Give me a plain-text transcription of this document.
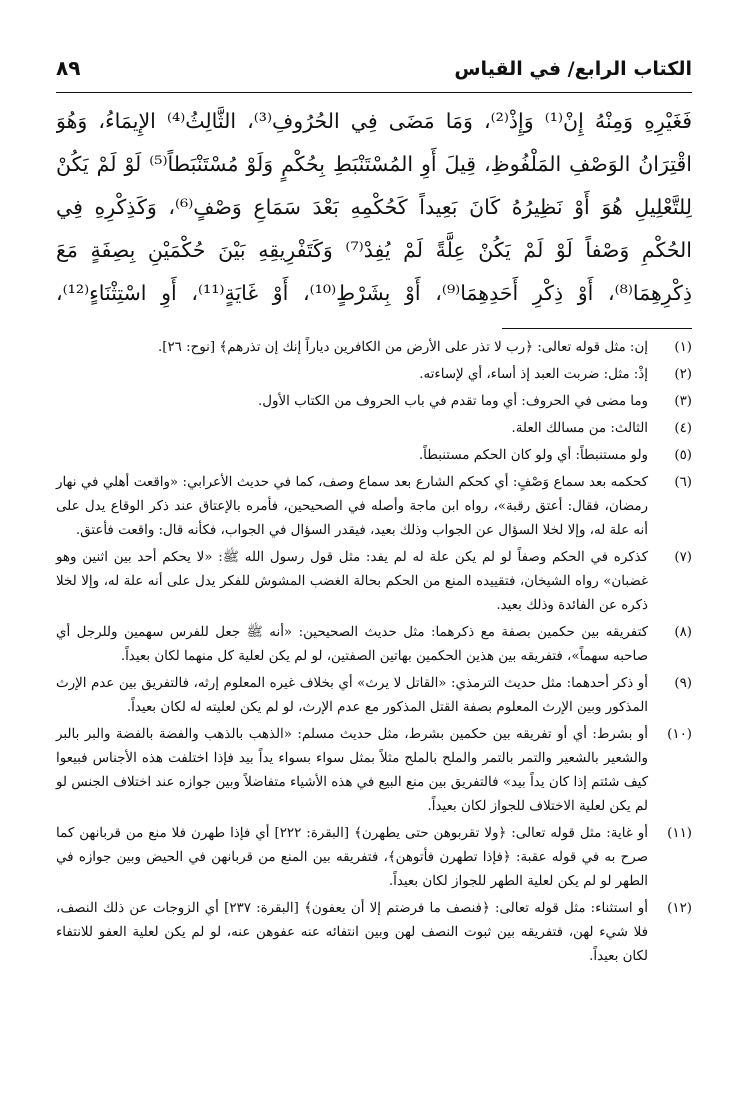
الكتاب الرابع/ في القياس
٨٩
فَغَيْرِهِ وَمِنْهُ إِنْ⁽¹⁾ وَإِذْ⁽²⁾، وَمَا مَضَى فِي الحُرُوفِ⁽³⁾، الثَّالِثُ⁽⁴⁾ الإِيمَاءُ، وَهُوَ
اقْتِرَانُ الوَصْفِ المَلْفُوظِ، قِيلَ أَوِ المُسْتَنْبَطِ بِحُكْمٍ وَلَوْ مُسْتَنْبَطاً⁽⁵⁾ لَوْ لَمْ يَكُنْ
لِلتَّعْلِيلِ هُوَ أَوْ نَظِيرُهُ كَانَ بَعِيداً كَحُكْمِهِ بَعْدَ سَمَاعِ وَصْفٍ⁽⁶⁾، وَكَذِكْرِهِ فِي
الحُكْمِ وَصْفاً لَوْ لَمْ يَكُنْ عِلَّةً لَمْ يُفِدْ⁽⁷⁾ وَكَتَفْرِيقِهِ بَيْنَ حُكْمَيْنِ بِصِفَةٍ مَعَ
ذِكْرِهِمَا⁽⁸⁾، أَوْ ذِكْرِ أَحَدِهِمَا⁽⁹⁾، أَوْ بِشَرْطٍ⁽¹⁰⁾، أَوْ غَايَةٍ⁽¹¹⁾، أَوِ اسْتِثْنَاءٍ⁽¹²⁾،
(١)
إن: مثل قوله تعالى: ﴿رب لا تذر على الأرض من الكافرين دياراً إنك إن تذرهم﴾ [نوح: ٢٦].
(٢)
إذْ: مثل: ضربت العبد إذ أساء، أي لإساءته.
(٣)
وما مضى في الحروف: أي وما تقدم في باب الحروف من الكتاب الأول.
(٤)
الثالث: من مسالك العلة.
(٥)
ولو مستنبطاً: أي ولو كان الحكم مستنبطاً.
(٦)
كحكمه بعد سماع وَصْفٍ: أي كحكم الشارع بعد سماع وصف، كما في حديث الأعرابي: «واقعت أهلي في نهار رمضان، فقال: أعتق رقبة»، رواه ابن ماجة وأصله في الصحيحين، فأمره بالإعتاق عند ذكر الوقاع يدل على أنه علة له، وإلا لخلا السؤال عن الجواب وذلك بعيد، فيقدر السؤال في الجواب، فكأنه قال: واقعت فأعتق.
(٧)
كذكره في الحكم وصفاً لو لم يكن علة له لم يفد: مثل قول رسول الله ﷺ: «لا يحكم أحد بين اثنين وهو غضبان» رواه الشيخان، فتقييده المنع من الحكم بحالة الغضب المشوش للفكر يدل على أنه علة له، وإلا لخلا ذكره عن الفائدة وذلك بعيد.
(٨)
كتفريقه بين حكمين بصفة مع ذكرهما: مثل حديث الصحيحين: «أنه ﷺ جعل للفرس سهمين وللرجل أي صاحبه سهماً»، فتفريقه بين هذين الحكمين بهاتين الصفتين، لو لم يكن لعلية كل منهما لكان بعيداً.
(٩)
أو ذكر أحدهما: مثل حديث الترمذي: «القاتل لا يرث» أي بخلاف غيره المعلوم إرثه، فالتفريق بين عدم الإرث المذكور وبين الإرث المعلوم بصفة القتل المذكور مع عدم الإرث، لو لم يكن لعليته له لكان بعيداً.
(١٠)
أو بشرط: أي أو تفريقه بين حكمين بشرط، مثل حديث مسلم: «الذهب بالذهب والفضة بالفضة والبر بالبر والشعير بالشعير والتمر بالتمر والملح بالملح مثلاً بمثل سواء بسواء يداً بيد فإذا اختلفت هذه الأجناس فبيعوا كيف شئتم إذا كان يداً بيد» فالتفريق بين منع البيع في هذه الأشياء متفاضلاً وبين جوازه عند اختلاف الجنس لو لم يكن لعلية الاختلاف للجواز لكان بعيداً.
(١١)
أو غاية: مثل قوله تعالى: ﴿ولا تقربوهن حتى يطهرن﴾ [البقرة: ٢٢٢] أي فإذا طهرن فلا منع من قربانهن كما صرح به في قوله عقبة: ﴿فإذا تطهرن فأتوهن﴾، فتفريقه بين المنع من قربانهن في الحيض وبين جوازه في الطهر لو لم يكن لعلية الطهر للجواز لكان بعيداً.
(١٢)
أو استثناء: مثل قوله تعالى: ﴿فنصف ما فرضتم إلا أن يعفون﴾ [البقرة: ٢٣٧] أي الزوجات عن ذلك النصف، فلا شيء لهن، فتفريقه بين ثبوت النصف لهن وبين انتفائه عنه عفوهن عنه، لو لم يكن لعلية العفو للانتفاء لكان بعيداً.
